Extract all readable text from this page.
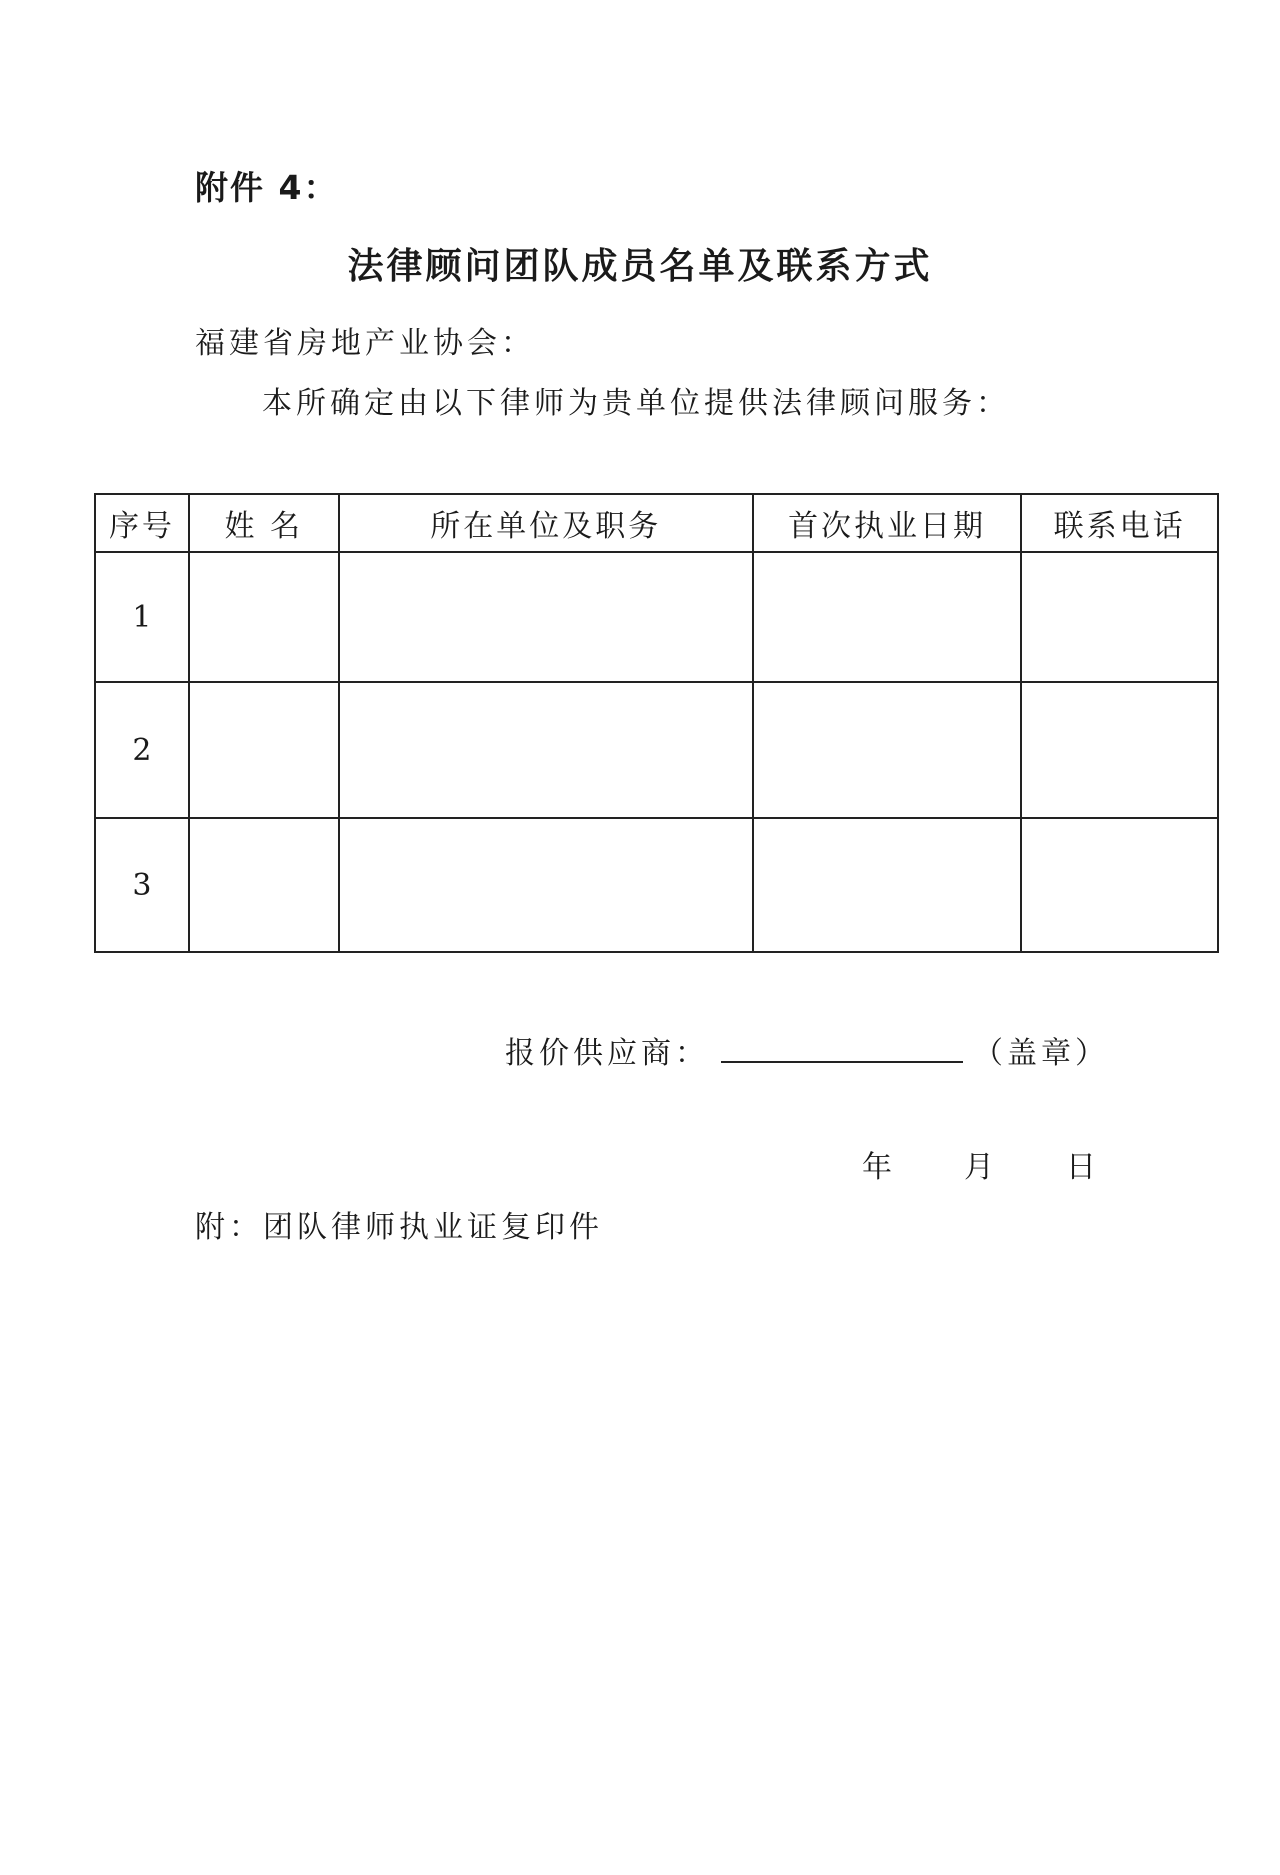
附件 4：
法律顾问团队成员名单及联系方式
福建省房地产业协会：
本所确定由以下律师为贵单位提供法律顾问服务：
序号	姓 名	所在单位及职务	首次执业日期	联系电话
1				
2				
3				
报价供应商：	（盖章）
年 月 日
附：团队律师执业证复印件
